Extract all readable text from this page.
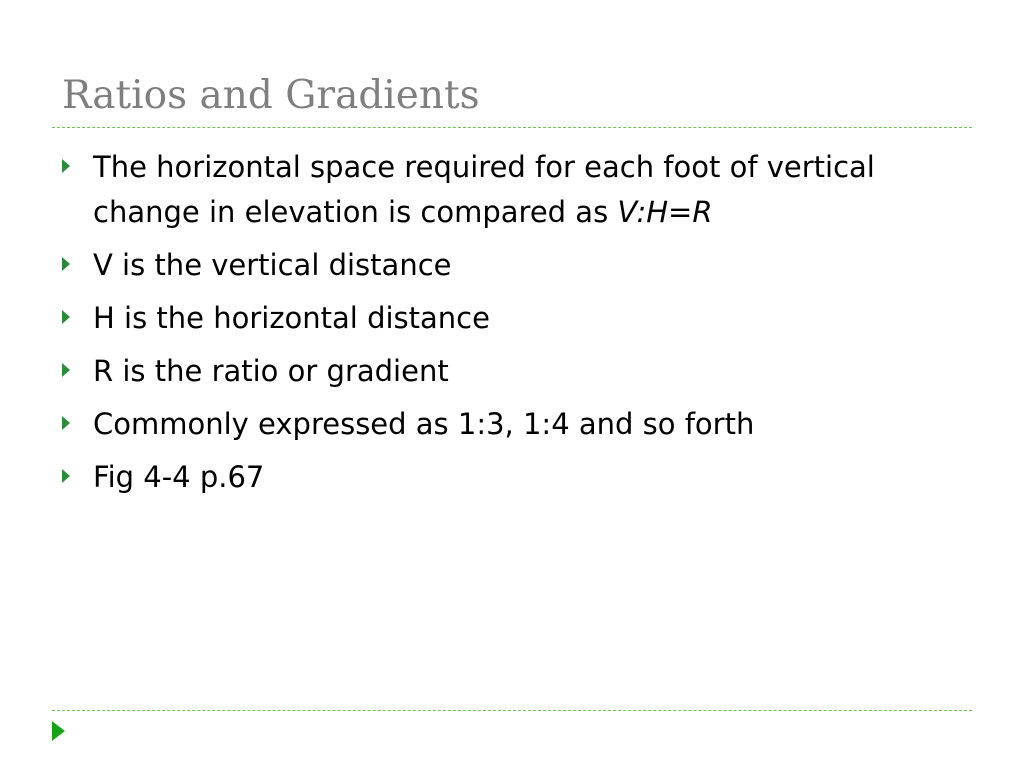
Ratios and Gradients
The horizontal space required for each foot of vertical change in elevation is compared as V:H=R
V is the vertical distance
H is the horizontal distance
R is the ratio or gradient
Commonly expressed as 1:3, 1:4 and so forth
Fig 4-4 p.67
